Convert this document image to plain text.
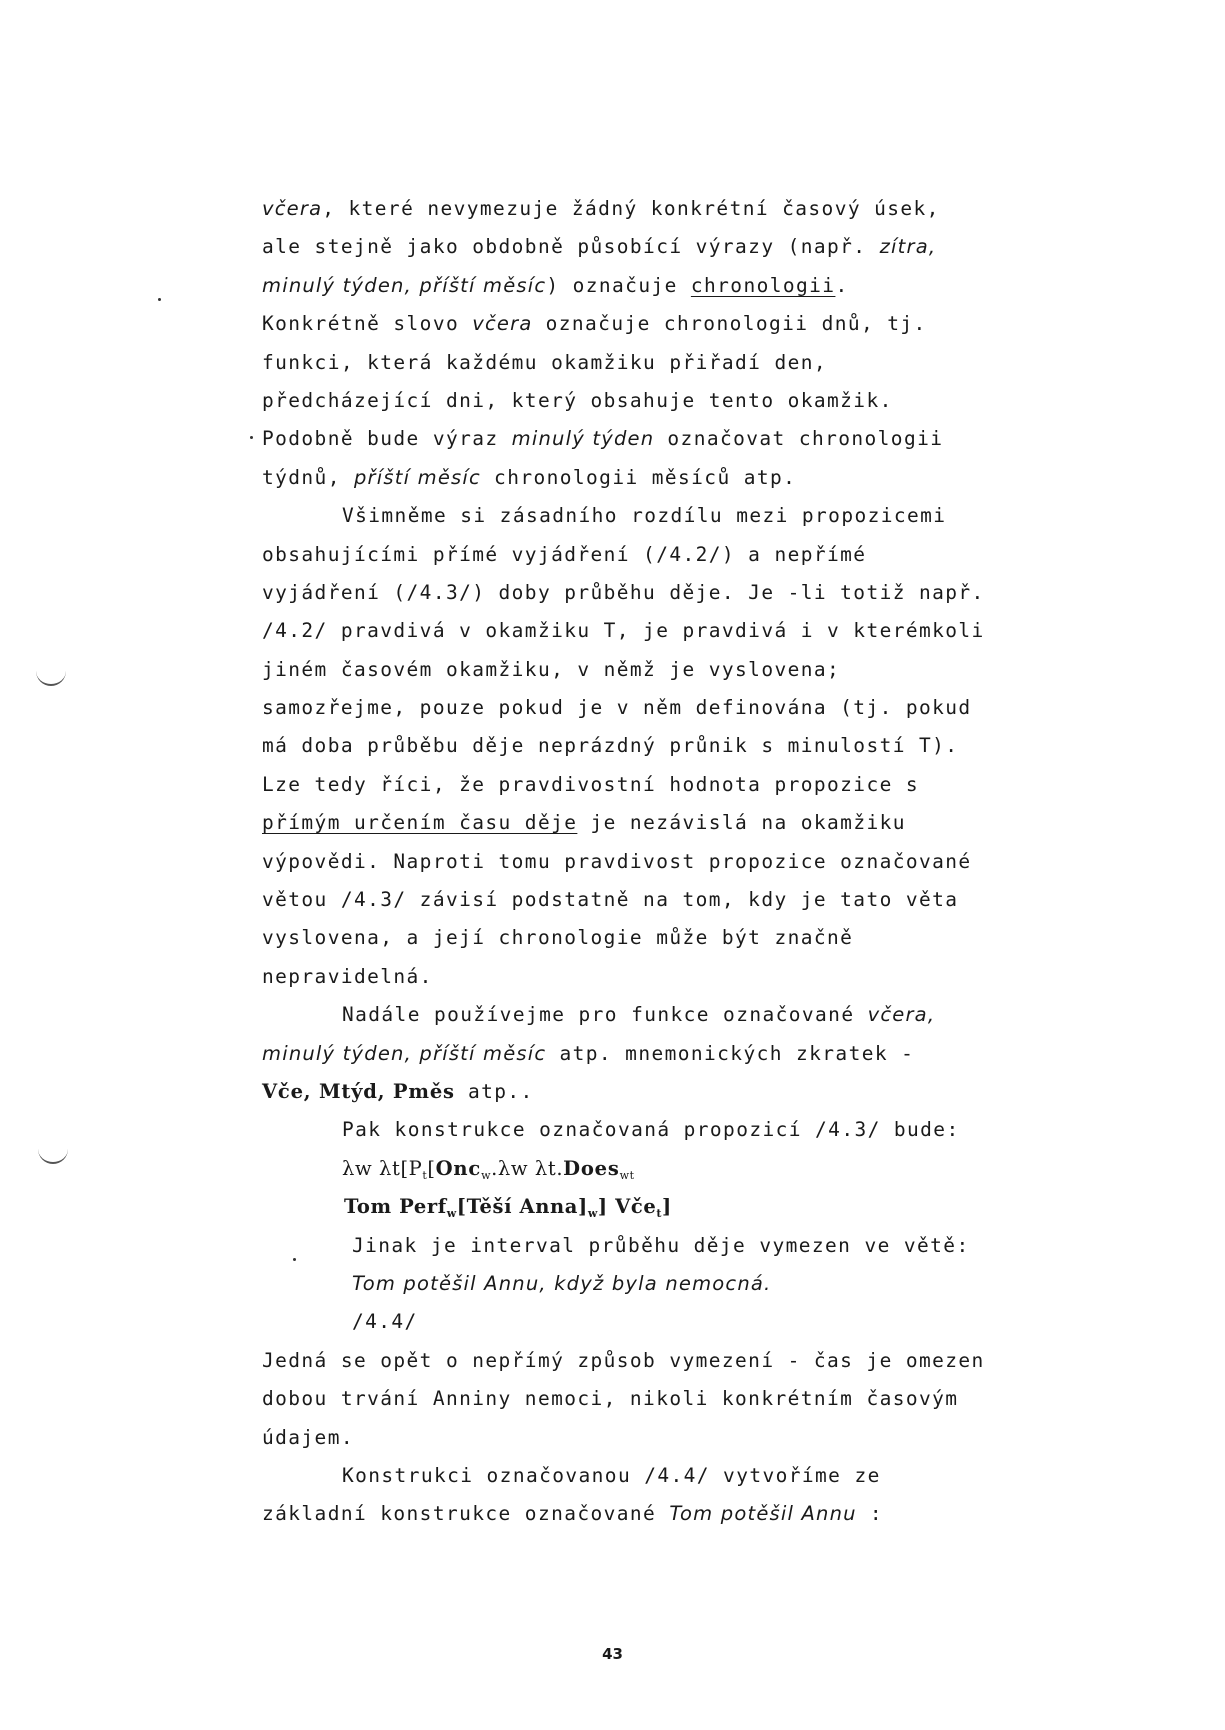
včera, které nevymezuje žádný konkrétní časový úsek,
ale stejně jako obdobně působící výrazy (např. zítra,
minulý týden, příští měsíc) označuje chronologii.
Konkrétně slovo včera označuje chronologii dnů, tj.
funkci, která každému okamžiku přiřadí den,
předcházející dni, který obsahuje tento okamžik.
Podobně bude výraz minulý týden označovat chronologii
týdnů, příští měsíc chronologii měsíců atp.
Všimněme si zásadního rozdílu mezi propozicemi
obsahujícími přímé vyjádření (/4.2/) a nepřímé
vyjádření (/4.3/) doby průběhu děje. Je -li totiž např.
/4.2/ pravdivá v okamžiku T, je pravdivá i v kterémkoli
jiném časovém okamžiku, v němž je vyslovena;
samozřejme, pouze pokud je v něm definována (tj. pokud
má doba průběbu děje neprázdný průnik s minulostí T).
Lze tedy říci, že pravdivostní hodnota propozice s
přímým určením času děje je nezávislá na okamžiku
výpovědi. Naproti tomu pravdivost propozice označované
větou /4.3/ závisí podstatně na tom, kdy je tato věta
vyslovena, a její chronologie může být značně
nepravidelná.
Nadále používejme pro funkce označované včera,
minulý týden, příští měsíc atp. mnemonických zkratek -
Vče, Mtýd, Pměs atp..
Pak konstrukce označovaná propozicí /4.3/ bude:
λw $\lambda t[P_t[Onc_w.\lambda w$ λt.Does$_{wt}$
Tom Perf$_w$[Těší $Anna]_w$] Vče$_t$]
Jinak je interval průběhu děje vymezen ve větě:
Tom potěšil Annu, když byla nemocná.
/4.4/
Jedná se opět o nepřímý způsob vymezení - čas je omezen
dobou trvání Anniny nemoci, nikoli konkrétním časovým
údajem.
Konstrukci označovanou /4.4/ vytvoříme ze
základní konstrukce označované Tom potěšil Annu :
43
